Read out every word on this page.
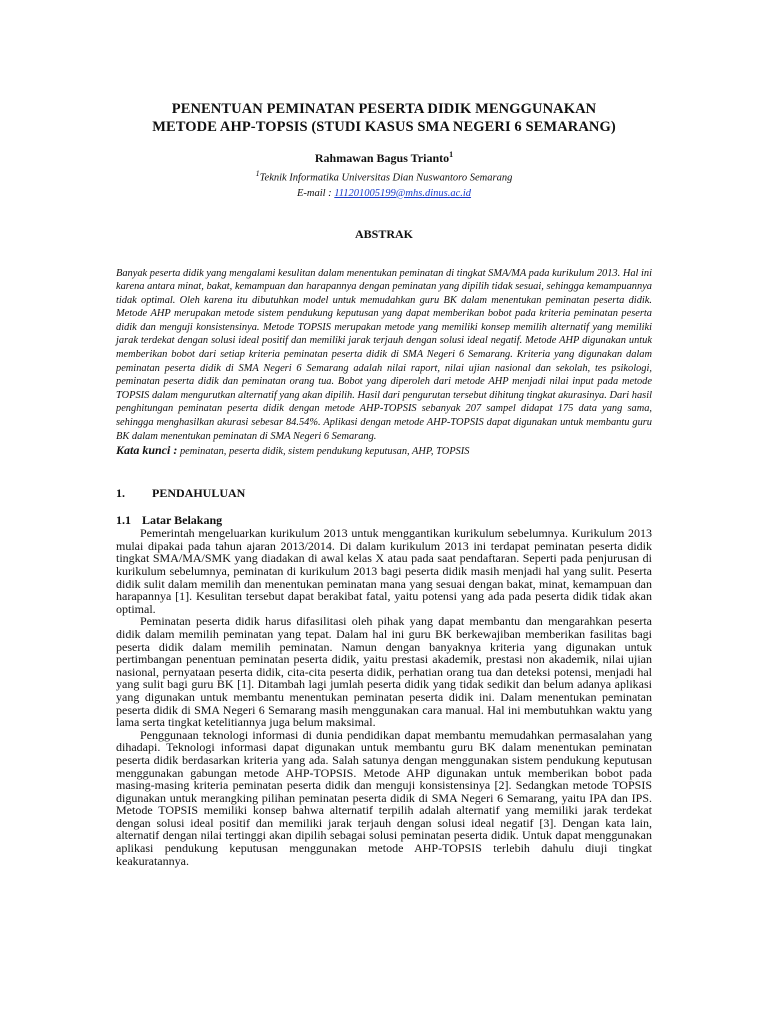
PENENTUAN PEMINATAN PESERTA DIDIK MENGGUNAKAN

METODE AHP-TOPSIS (STUDI KASUS SMA NEGERI 6 SEMARANG)

Rahmawan Bagus Trianto$^1$
$^1$Teknik Informatika Universitas Dian Nuswantoro Semarang
E-mail : 111201005199@mhs.dinus.ac.id
ABSTRAK
Banyak peserta didik yang mengalami kesulitan dalam menentukan peminatan di tingkat SMA/MA pada kurikulum 2013. Hal ini karena antara minat, bakat, kemampuan dan harapannya dengan peminatan yang dipilih tidak sesuai, sehingga kemampuannya tidak optimal. Oleh karena itu dibutuhkan model untuk memudahkan guru BK dalam menentukan peminatan peserta didik. Metode AHP merupakan metode sistem pendukung keputusan yang dapat memberikan bobot pada kriteria peminatan peserta didik dan menguji konsistensinya. Metode TOPSIS merupakan metode yang memiliki konsep memilih alternatif yang memiliki jarak terdekat dengan solusi ideal positif dan memiliki jarak terjauh dengan solusi ideal negatif. Metode AHP digunakan untuk memberikan bobot dari setiap kriteria peminatan peserta didik di SMA Negeri 6 Semarang. Kriteria yang digunakan dalam peminatan peserta didik di SMA Negeri 6 Semarang adalah nilai raport, nilai ujian nasional dan sekolah, tes psikologi, peminatan peserta didik dan peminatan orang tua. Bobot yang diperoleh dari metode AHP menjadi nilai input pada metode TOPSIS dalam mengurutkan alternatif yang akan dipilih. Hasil dari pengurutan tersebut dihitung tingkat akurasinya. Dari hasil penghitungan peminatan peserta didik dengan metode AHP-TOPSIS sebanyak 207 sampel didapat 175 data yang sama, sehingga menghasilkan akurasi sebesar 84.54%. Aplikasi dengan metode AHP-TOPSIS dapat digunakan untuk membantu guru BK dalam menentukan peminatan di SMA Negeri 6 Semarang.
Kata kunci : peminatan, peserta didik, sistem pendukung keputusan, AHP, TOPSIS
1.	PENDAHULUAN
1.1 Latar Belakang

Pemerintah mengeluarkan kurikulum 2013 untuk menggantikan kurikulum sebelumnya. Kurikulum 2013 mulai dipakai pada tahun ajaran 2013/2014. Di dalam kurikulum 2013 ini terdapat peminatan peserta didik tingkat SMA/MA/SMK yang diadakan di awal kelas X atau pada saat pendaftaran. Seperti pada penjurusan di kurikulum sebelumnya, peminatan di kurikulum 2013 bagi peserta didik masih menjadi hal yang sulit. Peserta didik sulit dalam memilih dan menentukan peminatan mana yang sesuai dengan bakat, minat, kemampuan dan harapannya [1]. Kesulitan tersebut dapat berakibat fatal, yaitu potensi yang ada pada peserta didik tidak akan optimal.

Peminatan peserta didik harus difasilitasi oleh pihak yang dapat membantu dan mengarahkan peserta didik dalam memilih peminatan yang tepat. Dalam hal ini guru BK berkewajiban memberikan fasilitas bagi peserta didik dalam memilih peminatan. Namun dengan banyaknya kriteria yang digunakan untuk pertimbangan penentuan peminatan peserta didik, yaitu prestasi akademik, prestasi non akademik, nilai ujian nasional, pernyataan peserta didik, cita-cita peserta didik, perhatian orang tua dan deteksi potensi, menjadi hal yang sulit bagi guru BK [1]. Ditambah lagi jumlah peserta didik yang tidak sedikit dan belum adanya aplikasi yang digunakan untuk membantu menentukan peminatan peserta didik ini. Dalam menentukan peminatan peserta didik di SMA Negeri 6 Semarang masih menggunakan cara manual. Hal ini membutuhkan waktu yang lama serta tingkat ketelitiannya juga belum maksimal.

Penggunaan teknologi informasi di dunia pendidikan dapat membantu memudahkan permasalahan yang dihadapi. Teknologi informasi dapat digunakan untuk membantu guru BK dalam menentukan peminatan peserta didik berdasarkan kriteria yang ada. Salah satunya dengan menggunakan sistem pendukung keputusan menggunakan gabungan metode AHP-TOPSIS. Metode AHP digunakan untuk memberikan bobot pada masing-masing kriteria peminatan peserta didik dan menguji konsistensinya [2]. Sedangkan metode TOPSIS digunakan untuk merangking pilihan peminatan peserta didik di SMA Negeri 6 Semarang, yaitu IPA dan IPS. Metode TOPSIS memiliki konsep bahwa alternatif terpilih adalah alternatif yang memiliki jarak terdekat dengan solusi ideal positif dan memiliki jarak terjauh dengan solusi ideal negatif [3]. Dengan kata lain, alternatif dengan nilai tertinggi akan dipilih sebagai solusi peminatan peserta didik. Untuk dapat menggunakan aplikasi pendukung keputusan menggunakan metode AHP-TOPSIS terlebih dahulu diuji tingkat keakuratannya.
